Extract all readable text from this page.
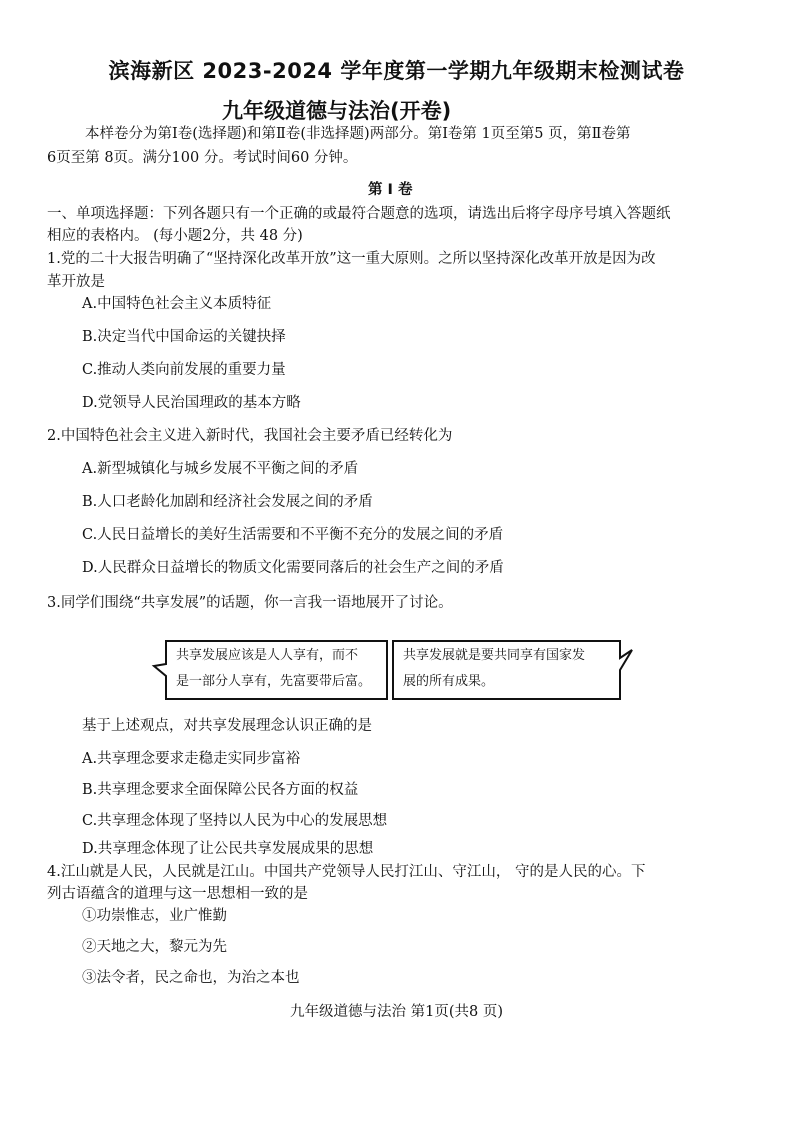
滨海新区 2023-2024 学年度第一学期九年级期末检测试卷
九年级道德与法治(开卷)
本样卷分为第Ⅰ卷(选择题)和第Ⅱ卷(非选择题)两部分。第Ⅰ卷第 1页至第5 页，第Ⅱ卷第
6页至第 8页。满分100 分。考试时间60 分钟。
第 Ⅰ 卷
一、单项选择题：下列各题只有一个正确的或最符合题意的选项，请选出后将字母序号填入答题纸
相应的表格内。 (每小题2分，共 48 分)
1.党的二十大报告明确了“坚持深化改革开放”这一重大原则。之所以坚持深化改革开放是因为改
革开放是
A.中国特色社会主义本质特征
B.决定当代中国命运的关键抉择
C.推动人类向前发展的重要力量
D.党领导人民治国理政的基本方略
2.中国特色社会主义进入新时代，我国社会主要矛盾已经转化为
A.新型城镇化与城乡发展不平衡之间的矛盾
B.人口老龄化加剧和经济社会发展之间的矛盾
C.人民日益增长的美好生活需要和不平衡不充分的发展之间的矛盾
D.人民群众日益增长的物质文化需要同落后的社会生产之间的矛盾
3.同学们围绕“共享发展”的话题，你一言我一语地展开了讨论。
共享发展应该是人人享有，而不
是一部分人享有，先富要带后富。
共享发展就是要共同享有国家发
展的所有成果。
基于上述观点，对共享发展理念认识正确的是
A.共享理念要求走稳走实同步富裕
B.共享理念要求全面保障公民各方面的权益
C.共享理念体现了坚持以人民为中心的发展思想
D.共享理念体现了让公民共享发展成果的思想
4.江山就是人民，人民就是江山。中国共产党领导人民打江山、守江山， 守的是人民的心。下
列古语蕴含的道理与这一思想相一致的是
①功崇惟志，业广惟勤
②天地之大，黎元为先
③法令者，民之命也，为治之本也
九年级道德与法治 第1页(共8 页)
